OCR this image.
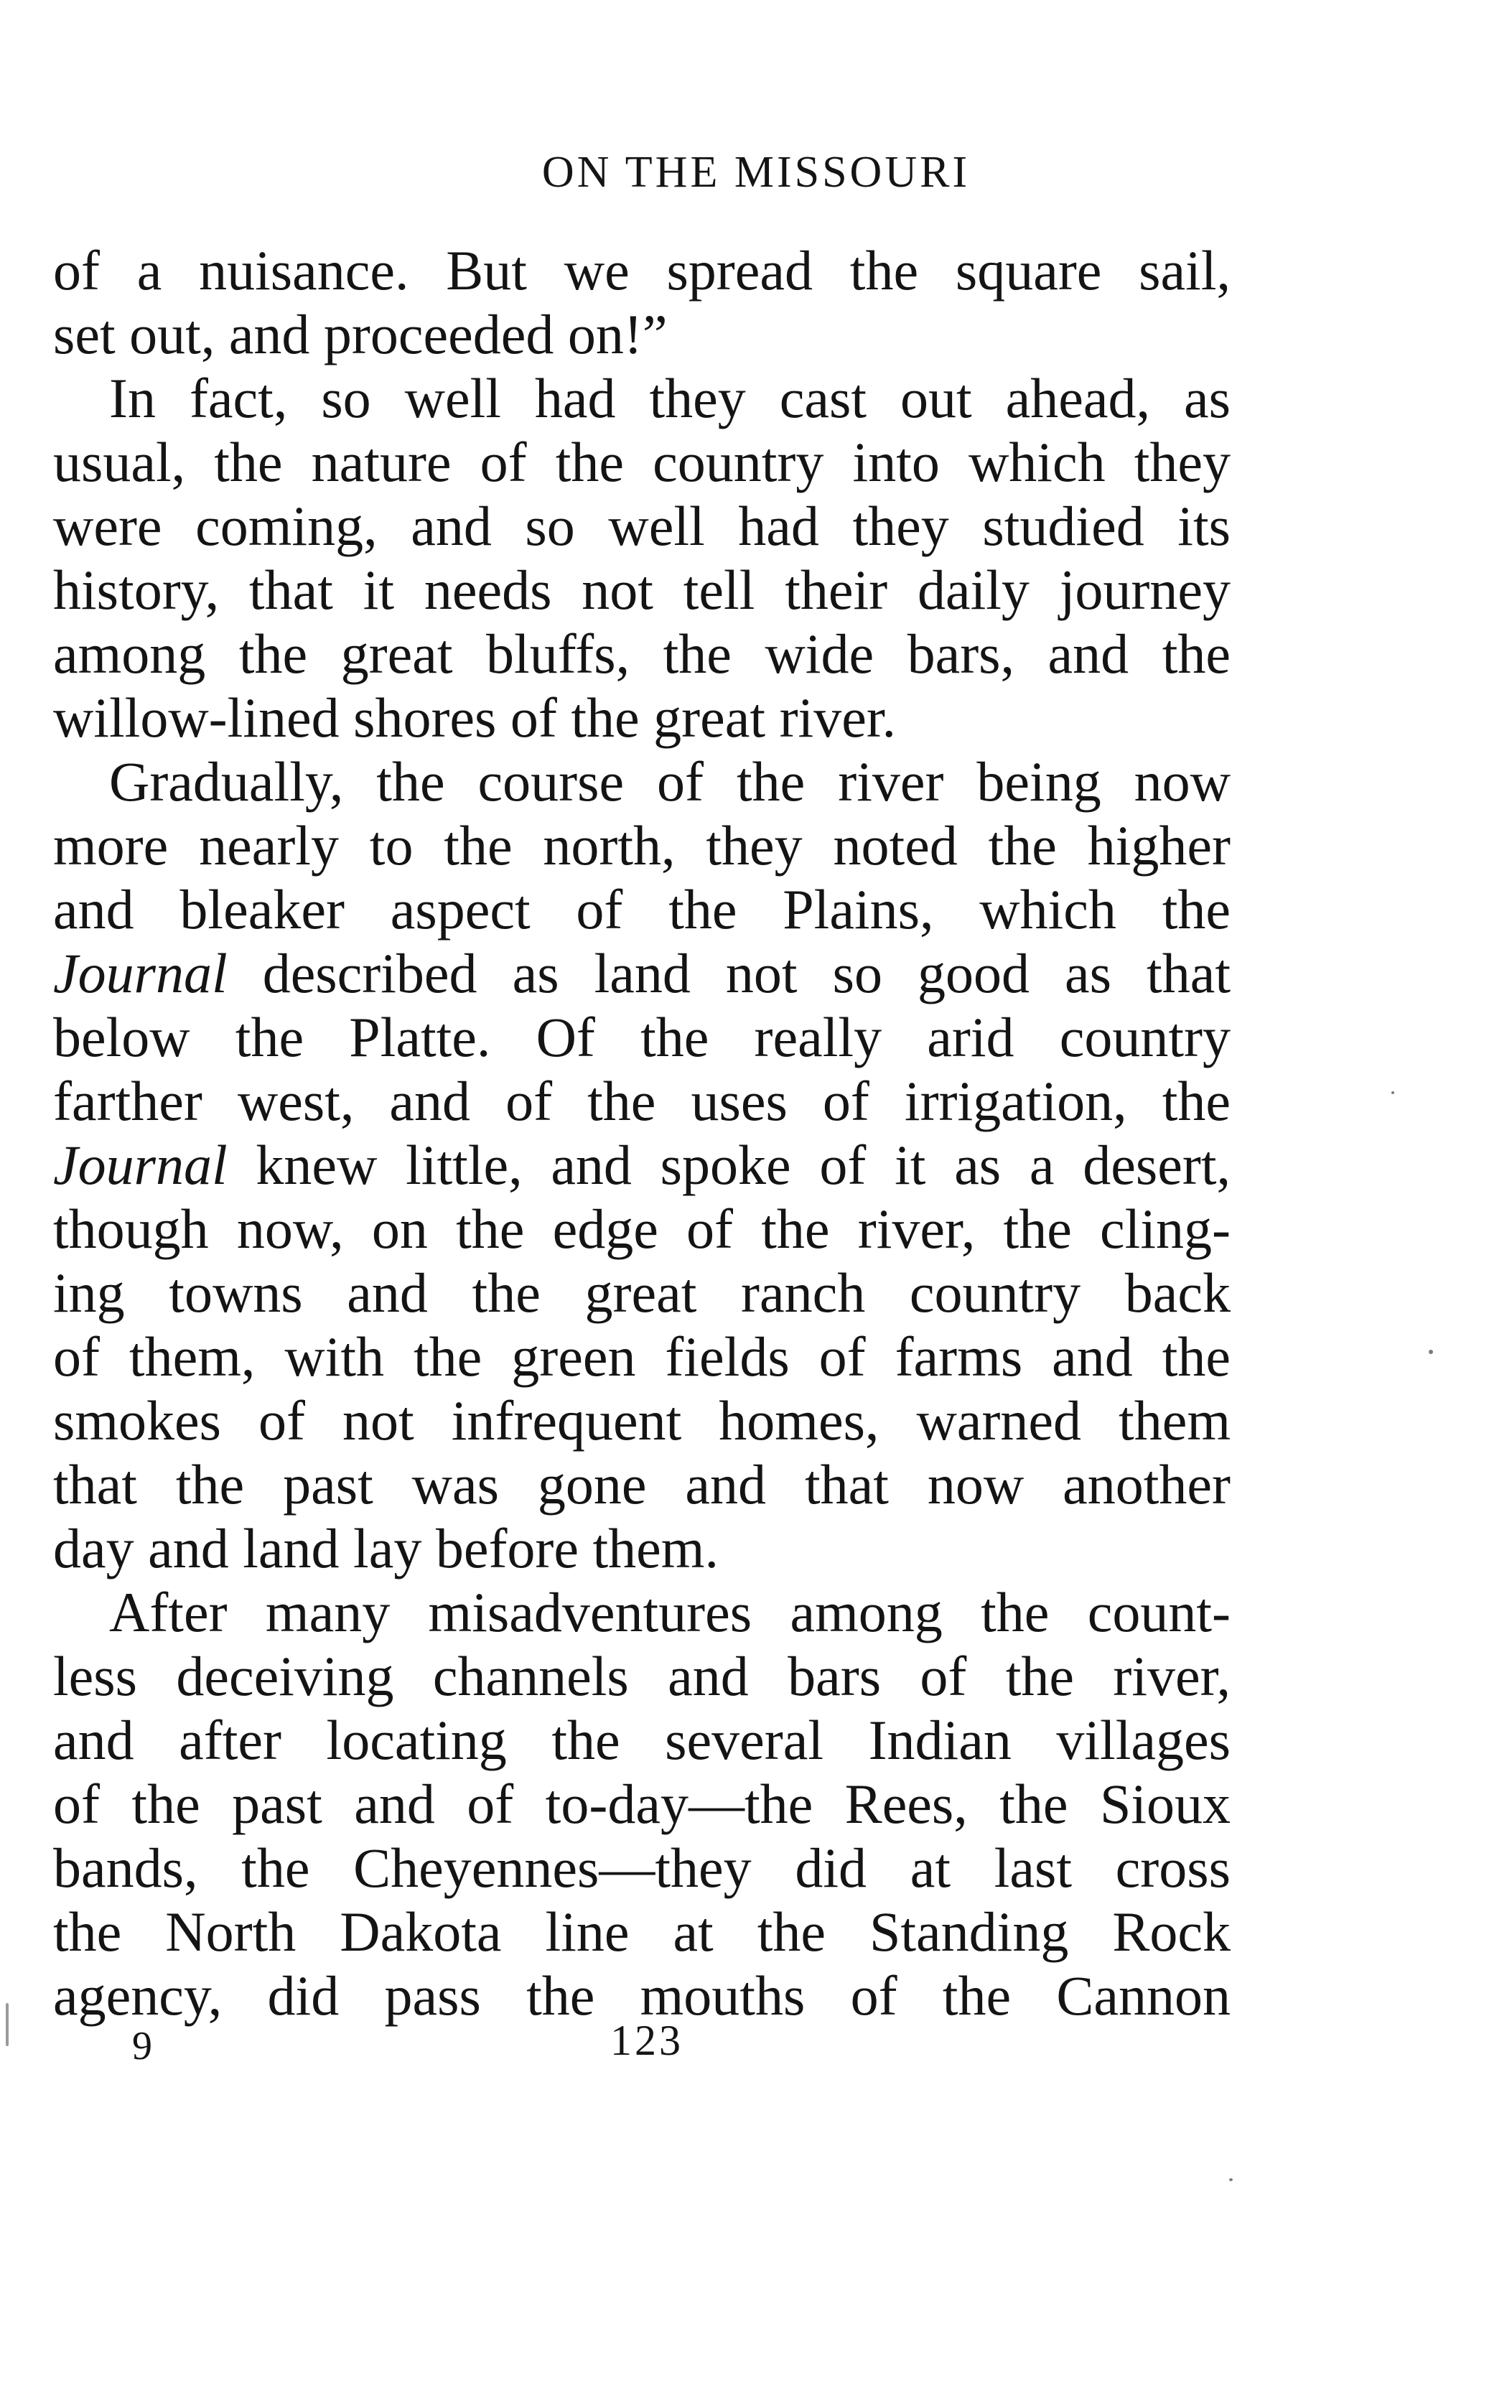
ON THE MISSOURI
of a nuisance. But we spread the square sail,
set out, and proceeded on!”
In fact, so well had they cast out ahead, as
usual, the nature of the country into which they
were coming, and so well had they studied its
history, that it needs not tell their daily journey
among the great bluffs, the wide bars, and the
willow-lined shores of the great river.
Gradually, the course of the river being now
more nearly to the north, they noted the higher
and bleaker aspect of the Plains, which the
Journal described as land not so good as that
below the Platte. Of the really arid country
farther west, and of the uses of irrigation, the
Journal knew little, and spoke of it as a desert,
though now, on the edge of the river, the cling-
ing towns and the great ranch country back
of them, with the green fields of farms and the
smokes of not infrequent homes, warned them
that the past was gone and that now another
day and land lay before them.
After many misadventures among the count-
less deceiving channels and bars of the river,
and after locating the several Indian villages
of the past and of to-day—the Rees, the Sioux
bands, the Cheyennes—they did at last cross
the North Dakota line at the Standing Rock
agency, did pass the mouths of the Cannon
9	123
